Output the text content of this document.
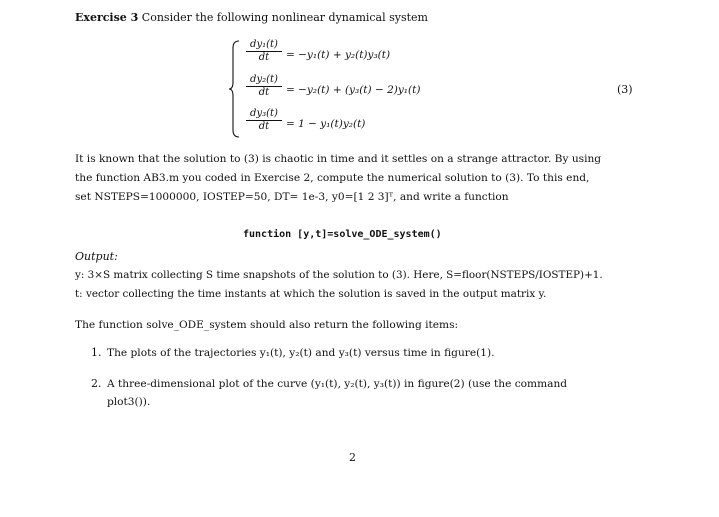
Exercise 3 Consider the following nonlinear dynamical system
dy₁(t)
dt	= −y₁(t) + y₂(t)y₃(t)
dy₂(t)
dt	= −y₂(t) + (y₃(t) − 2)y₁(t)
dy₃(t)
dt	= 1 − y₁(t)y₂(t)
(3)
It is known that the solution to (3) is chaotic in time and it settles on a strange attractor. By using
the function AB3.m you coded in Exercise 2, compute the numerical solution to (3). To this end,
set NSTEPS=1000000, IOSTEP=50, DT= 1e-3, y0=[1 2 3]ᵀ, and write a function
function [y,t]=solve_ODE_system()
Output:
y: 3×S matrix collecting S time snapshots of the solution to (3). Here, S=floor(NSTEPS/IOSTEP)+1.
t: vector collecting the time instants at which the solution is saved in the output matrix y.
The function solve_ODE_system should also return the following items:
1. The plots of the trajectories y₁(t), y₂(t) and y₃(t) versus time in figure(1).
2. A three-dimensional plot of the curve (y₁(t), y₂(t), y₃(t)) in figure(2) (use the command
plot3()).
2
